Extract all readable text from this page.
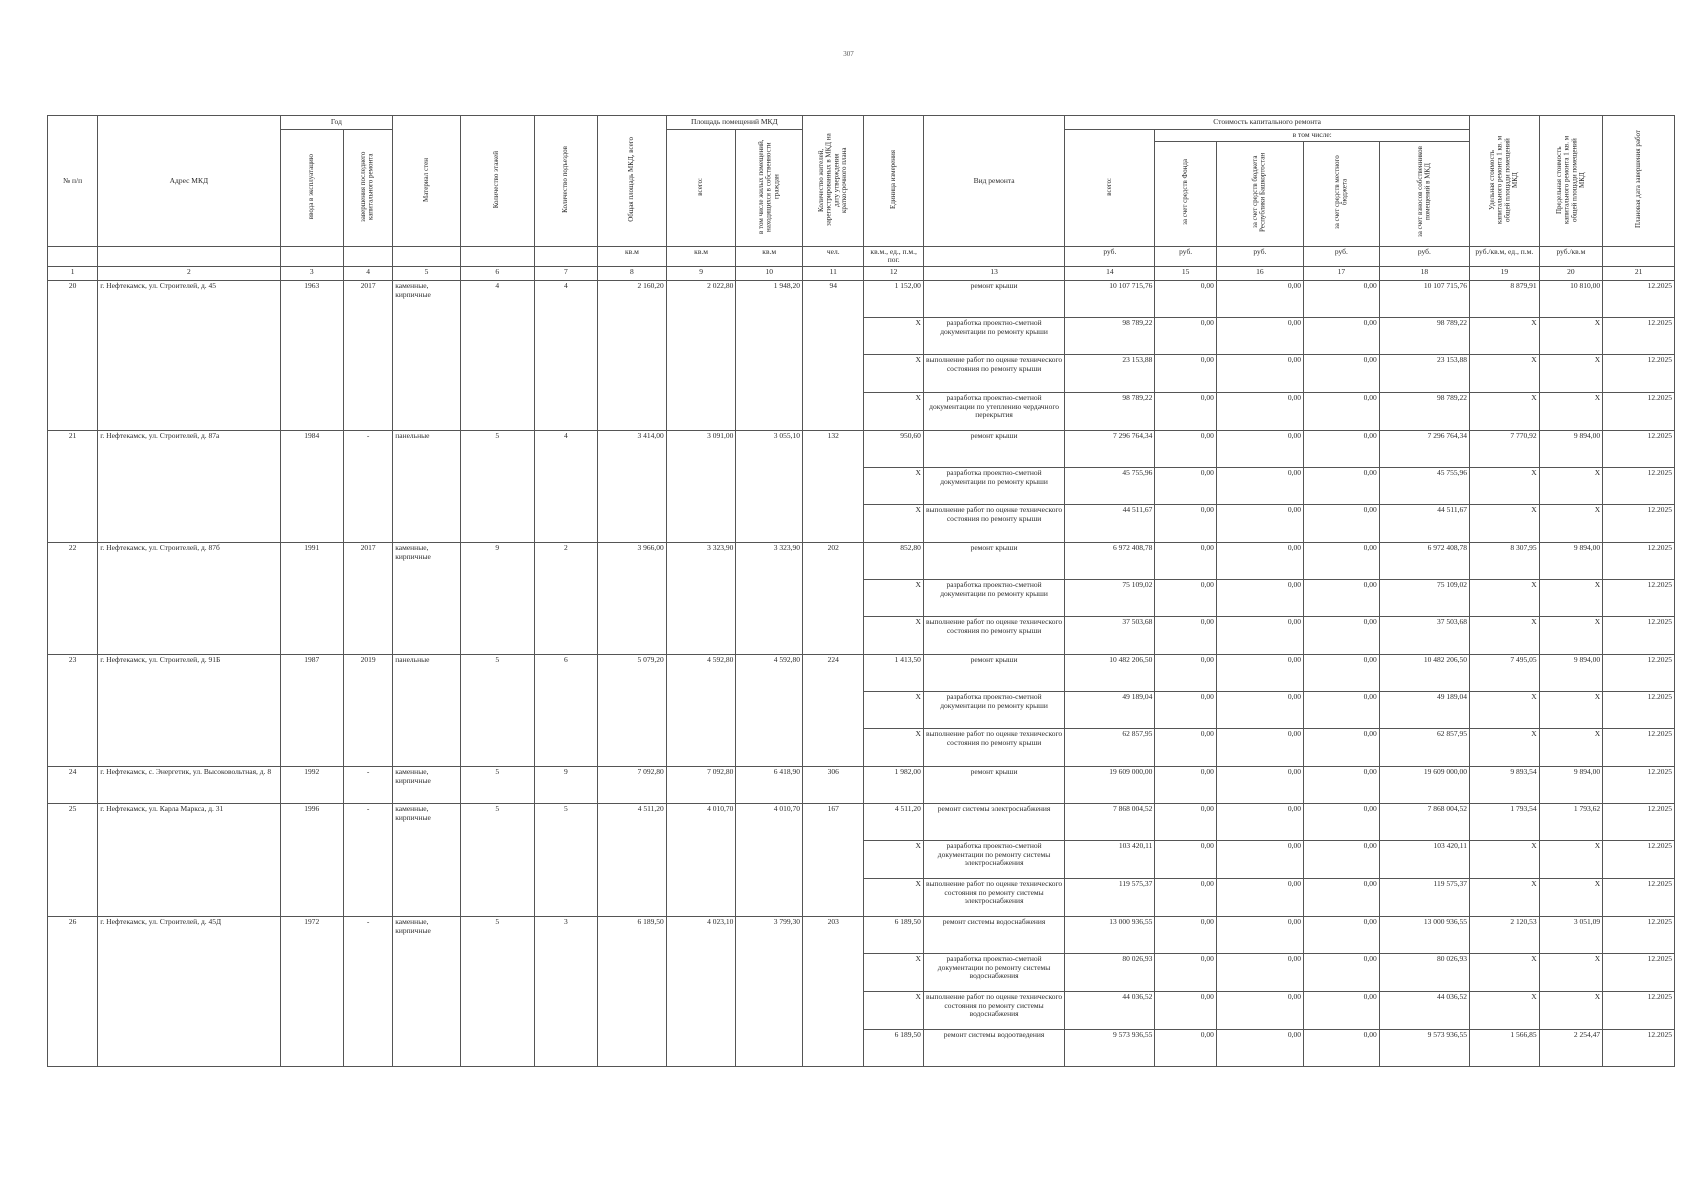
307
№ п/п	Адрес МКД	Год		Материал стен	Количество этажей	Количество подъездов	Общая площадь МКД, всего	Площадь помещений МКД		Количество жителей, зарегистрированных в МКД на дату утверждения краткосрочного плана	Единица измерения	Вид ремонта	Стоимость капитального ремонта					Удельная стоимость капитального ремонта 1 кв. м общей площади помещений МКД	Предельная стоимость капитального ремонта 1 кв. м общей площади помещений МКД	Плановая дата завершения работ
		ввода в эксплуатацию	завершения последнего капитального ремонта					всего:	в том числе жилых помещений, находящихся в собственности граждан				всего:	в том числе:						
														за счет средств Фонда	за счет средств бюджета Республики Башкортостан	за счет средств местного бюджета	за счет взносов собственников помещений в МКД			
							кв.м	кв.м	кв.м	чел.	кв.м., ед., п.м., пог.		руб.	руб.	руб.	руб.	руб.	руб./кв.м, ед., п.м.	руб./кв.м	
1	2	3	4	5	6	7	8	9	10	11	12	13	14	15	16	17	18	19	20	21
20	г. Нефтекамск, ул. Строителей, д. 45	1963	2017	каменные, кирпичные	4	4	2 160,20	2 022,80	1 948,20	94	1 152,00	ремонт крыши	10 107 715,76	0,00	0,00	0,00	10 107 715,76	8 879,91	10 810,00	12.2025
											X	разработка проектно-сметной документации по ремонту крыши	98 789,22	0,00	0,00	0,00	98 789,22	X	X	12.2025
											X	выполнение работ по оценке технического состояния по ремонту крыши	23 153,88	0,00	0,00	0,00	23 153,88	X	X	12.2025
											X	разработка проектно-сметной документации по утеплению чердачного перекрытия	98 789,22	0,00	0,00	0,00	98 789,22	X	X	12.2025
21	г. Нефтекамск, ул. Строителей, д. 87а	1984	-	панельные	5	4	3 414,00	3 091,00	3 055,10	132	950,60	ремонт крыши	7 296 764,34	0,00	0,00	0,00	7 296 764,34	7 770,92	9 894,00	12.2025
											X	разработка проектно-сметной документации по ремонту крыши	45 755,96	0,00	0,00	0,00	45 755,96	X	X	12.2025
											X	выполнение работ по оценке технического состояния по ремонту крыши	44 511,67	0,00	0,00	0,00	44 511,67	X	X	12.2025
22	г. Нефтекамск, ул. Строителей, д. 87б	1991	2017	каменные, кирпичные	9	2	3 966,00	3 323,90	3 323,90	202	852,80	ремонт крыши	6 972 408,78	0,00	0,00	0,00	6 972 408,78	8 307,95	9 894,00	12.2025
											X	разработка проектно-сметной документации по ремонту крыши	75 109,02	0,00	0,00	0,00	75 109,02	X	X	12.2025
											X	выполнение работ по оценке технического состояния по ремонту крыши	37 503,68	0,00	0,00	0,00	37 503,68	X	X	12.2025
23	г. Нефтекамск, ул. Строителей, д. 91Б	1987	2019	панельные	5	6	5 079,20	4 592,80	4 592,80	224	1 413,50	ремонт крыши	10 482 206,50	0,00	0,00	0,00	10 482 206,50	7 495,05	9 894,00	12.2025
											X	разработка проектно-сметной документации по ремонту крыши	49 189,04	0,00	0,00	0,00	49 189,04	X	X	12.2025
											X	выполнение работ по оценке технического состояния по ремонту крыши	62 857,95	0,00	0,00	0,00	62 857,95	X	X	12.2025
24	г. Нефтекамск, с. Энергетик, ул. Высоковольтная, д. 8	1992	-	каменные, кирпичные	5	9	7 092,80	7 092,80	6 418,90	306	1 982,00	ремонт крыши	19 609 000,00	0,00	0,00	0,00	19 609 000,00	9 893,54	9 894,00	12.2025
25	г. Нефтекамск, ул. Карла Маркса, д. 31	1996	-	каменные, кирпичные	5	5	4 511,20	4 010,70	4 010,70	167	4 511,20	ремонт системы электроснабжения	7 868 004,52	0,00	0,00	0,00	7 868 004,52	1 793,54	1 793,62	12.2025
											X	разработка проектно-сметной документации по ремонту системы электроснабжения	103 420,11	0,00	0,00	0,00	103 420,11	X	X	12.2025
											X	выполнение работ по оценке технического состояния по ремонту системы электроснабжения	119 575,37	0,00	0,00	0,00	119 575,37	X	X	12.2025
26	г. Нефтекамск, ул. Строителей, д. 45Д	1972	-	каменные, кирпичные	5	3	6 189,50	4 023,10	3 799,30	203	6 189,50	ремонт системы водоснабжения	13 000 936,55	0,00	0,00	0,00	13 000 936,55	2 120,53	3 051,09	12.2025
											X	разработка проектно-сметной документации по ремонту системы водоснабжения	80 026,93	0,00	0,00	0,00	80 026,93	X	X	12.2025
											X	выполнение работ по оценке технического состояния по ремонту системы водоснабжения	44 036,52	0,00	0,00	0,00	44 036,52	X	X	12.2025
											6 189,50	ремонт системы водоотведения	9 573 936,55	0,00	0,00	0,00	9 573 936,55	1 566,85	2 254,47	12.2025
